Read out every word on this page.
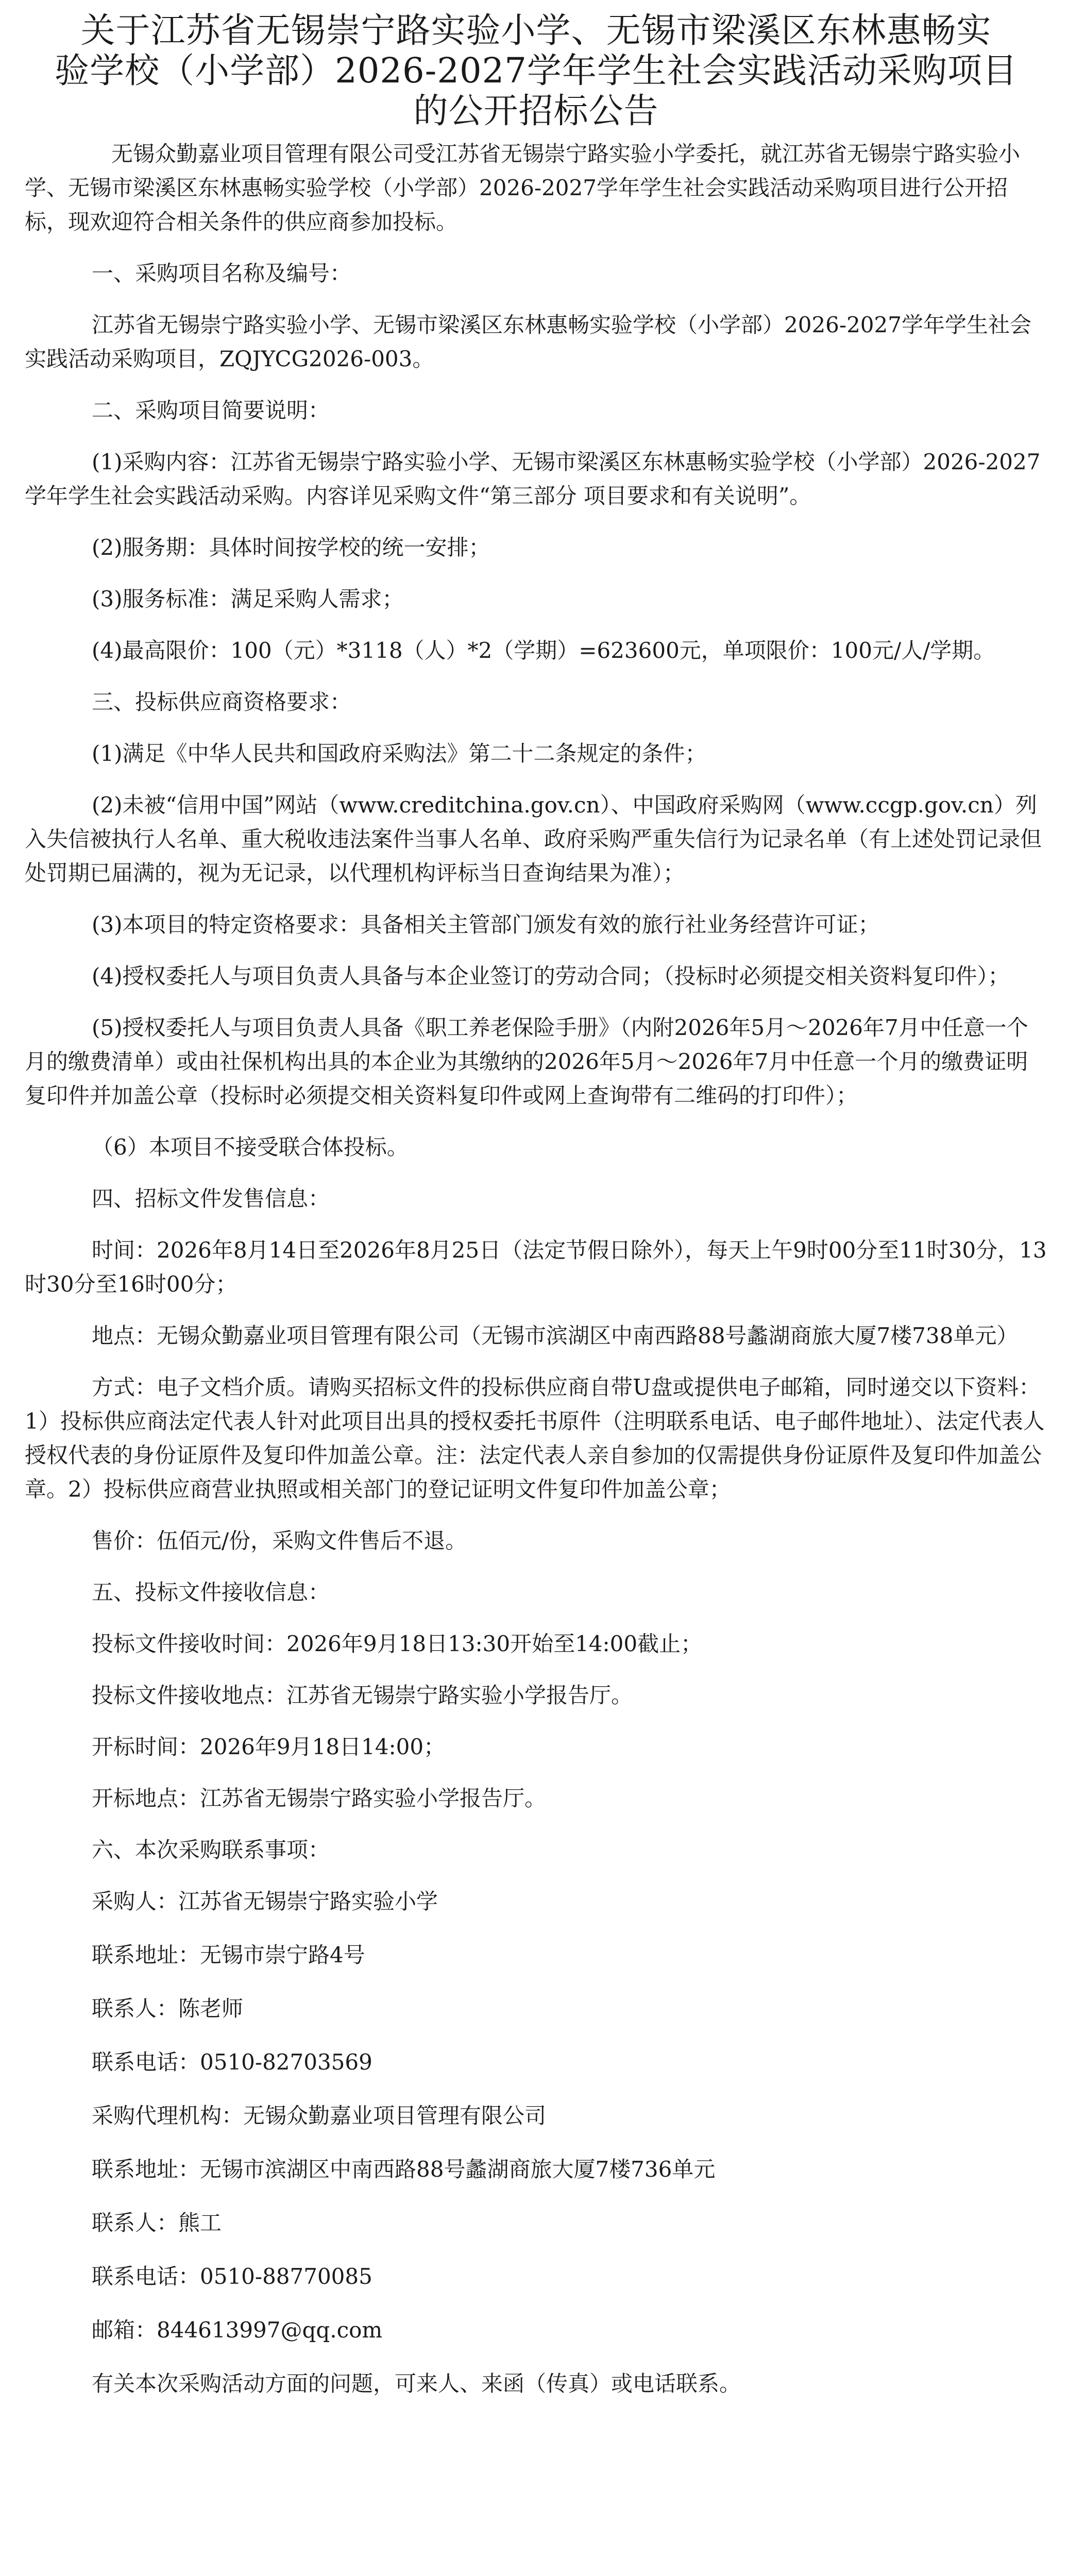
关于江苏省无锡崇宁路实验小学、无锡市梁溪区东林惠畅实
验学校（小学部）2026-2027学年学生社会实践活动采购项目
的公开招标公告

无锡众勤嘉业项目管理有限公司受江苏省无锡崇宁路实验小学委托，就江苏省无锡崇宁路实验小学、无锡市梁溪区东林惠畅实验学校（小学部）2026-2027学年学生社会实践活动采购项目进行公开招标，现欢迎符合相关条件的供应商参加投标。

一、采购项目名称及编号：

江苏省无锡崇宁路实验小学、无锡市梁溪区东林惠畅实验学校（小学部）2026-2027学年学生社会实践活动采购项目，ZQJYCG2026-003。

二、采购项目简要说明：

(1)采购内容：江苏省无锡崇宁路实验小学、无锡市梁溪区东林惠畅实验学校（小学部）2026-2027学年学生社会实践活动采购。内容详见采购文件“第三部分 项目要求和有关说明”。

(2)服务期：具体时间按学校的统一安排；

(3)服务标准：满足采购人需求；

(4)最高限价：100（元）*3118（人）*2（学期）=623600元，单项限价：100元/人/学期。

三、投标供应商资格要求：

(1)满足《中华人民共和国政府采购法》第二十二条规定的条件；

(2)未被“信用中国”网站（www.creditchina.gov.cn）、中国政府采购网（www.ccgp.gov.cn）列入失信被执行人名单、重大税收违法案件当事人名单、政府采购严重失信行为记录名单（有上述处罚记录但处罚期已届满的，视为无记录，以代理机构评标当日查询结果为准）；

(3)本项目的特定资格要求：具备相关主管部门颁发有效的旅行社业务经营许可证；

(4)授权委托人与项目负责人具备与本企业签订的劳动合同；（投标时必须提交相关资料复印件）；

(5)授权委托人与项目负责人具备《职工养老保险手册》（内附2026年5月～2026年7月中任意一个月的缴费清单）或由社保机构出具的本企业为其缴纳的2026年5月～2026年7月中任意一个月的缴费证明复印件并加盖公章（投标时必须提交相关资料复印件或网上查询带有二维码的打印件）；

（6）本项目不接受联合体投标。

四、招标文件发售信息：

时间：2026年8月14日至2026年8月25日（法定节假日除外），每天上午9时00分至11时30分，13时30分至16时00分；

地点：无锡众勤嘉业项目管理有限公司（无锡市滨湖区中南西路88号蠡湖商旅大厦7楼738单元）

方式：电子文档介质。请购买招标文件的投标供应商自带U盘或提供电子邮箱，同时递交以下资料：1）投标供应商法定代表人针对此项目出具的授权委托书原件（注明联系电话、电子邮件地址）、法定代表人授权代表的身份证原件及复印件加盖公章。注：法定代表人亲自参加的仅需提供身份证原件及复印件加盖公章。2）投标供应商营业执照或相关部门的登记证明文件复印件加盖公章；

售价：伍佰元/份，采购文件售后不退。

五、投标文件接收信息：

投标文件接收时间：2026年9月18日13:30开始至14:00截止；

投标文件接收地点：江苏省无锡崇宁路实验小学报告厅。

开标时间：2026年9月18日14:00；

开标地点：江苏省无锡崇宁路实验小学报告厅。

六、本次采购联系事项：

采购人：江苏省无锡崇宁路实验小学

联系地址：无锡市崇宁路4号

联系人：陈老师

联系电话：0510-82703569

采购代理机构：无锡众勤嘉业项目管理有限公司

联系地址：无锡市滨湖区中南西路88号蠡湖商旅大厦7楼736单元

联系人：熊工

联系电话：0510-88770085

邮箱：844613997@qq.com

有关本次采购活动方面的问题，可来人、来函（传真）或电话联系。
